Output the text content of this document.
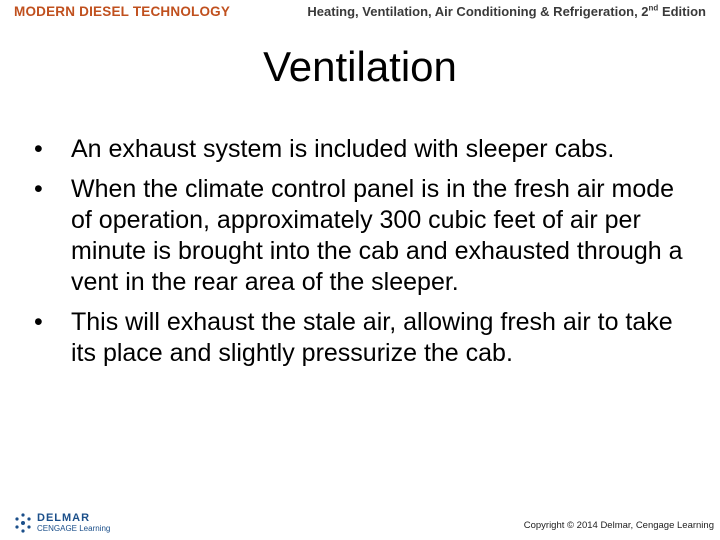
MODERN DIESEL TECHNOLOGY	Heating, Ventilation, Air Conditioning & Refrigeration, 2nd Edition
Ventilation
•	An exhaust system is included with sleeper cabs.
•	When the climate control panel is in the fresh air mode of operation, approximately 300 cubic feet of air per minute is brought into the cab and exhausted through a vent in the rear area of the sleeper.
•	This will exhaust the stale air, allowing fresh air to take its place and slightly pressurize the cab.
DELMAR
CENGAGE Learning	Copyright © 2014 Delmar, Cengage Learning
